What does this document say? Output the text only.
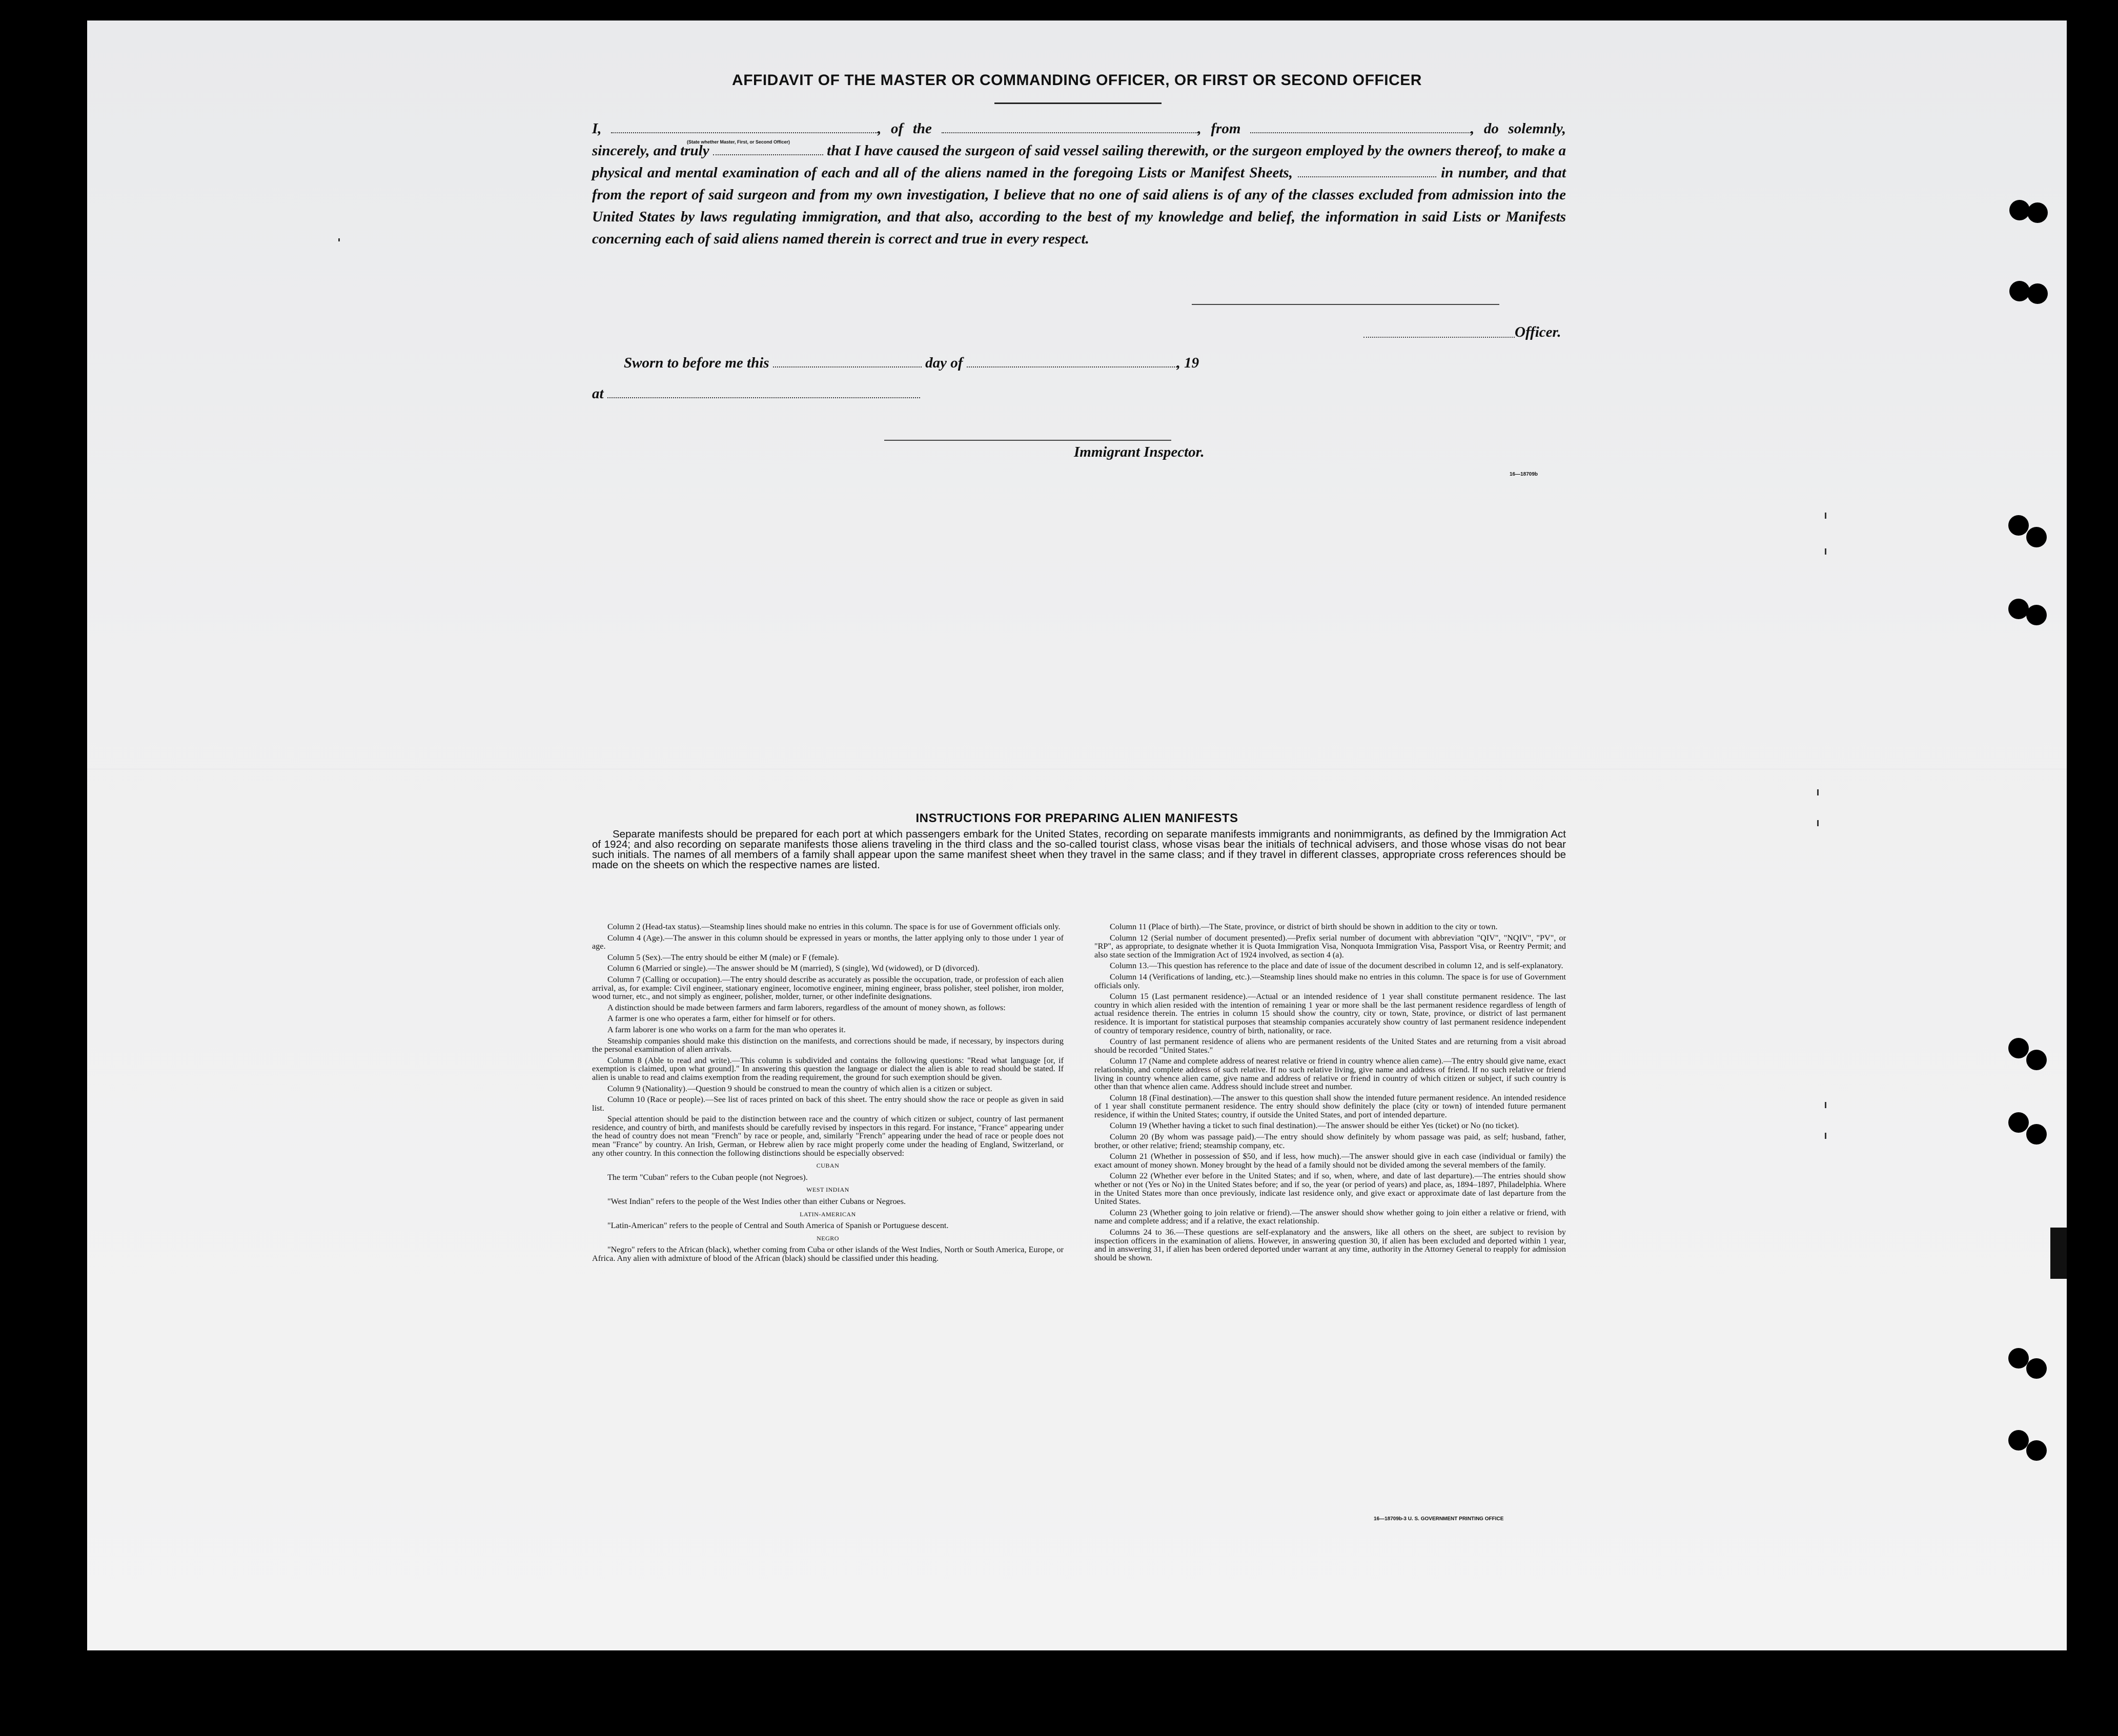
AFFIDAVIT OF THE MASTER OR COMMANDING OFFICER, OR FIRST OR SECOND OFFICER
(State whether Master, First, or Second Officer)
I,	, of the	, from	, do solemnly, sincerely, and truly	that I have caused the surgeon of said vessel sailing therewith, or the surgeon employed by the owners thereof, to make a physical and mental examination of each and all of the aliens named in the foregoing Lists or Manifest Sheets,	in number, and that from the report of said surgeon and from my own investigation, I believe that no one of said aliens is of any of the classes excluded from admission into the United States by laws regulating immigration, and that also, according to the best of my knowledge and belief, the information in said Lists or Manifests concerning each of said aliens named therein is correct and true in every respect.
Officer.
Sworn to before me this	day of	, 19
at
Immigrant Inspector.
16—18709b
INSTRUCTIONS FOR PREPARING ALIEN MANIFESTS
Separate manifests should be prepared for each port at which passengers embark for the United States, recording on separate manifests immigrants and nonimmigrants, as defined by the Immigration Act of 1924; and also recording on separate manifests those aliens traveling in the third class and the so-called tourist class, whose visas bear the initials of technical advisers, and those whose visas do not bear such initials. The names of all members of a family shall appear upon the same manifest sheet when they travel in the same class; and if they travel in different classes, appropriate cross references should be made on the sheets on which the respective names are listed.

Column 2 (Head-tax status).—Steamship lines should make no entries in this column. The space is for use of Government officials only.

Column 4 (Age).—The answer in this column should be expressed in years or months, the latter applying only to those under 1 year of age.

Column 5 (Sex).—The entry should be either M (male) or F (female).

Column 6 (Married or single).—The answer should be M (married), S (single), Wd (widowed), or D (divorced).

Column 7 (Calling or occupation).—The entry should describe as accurately as possible the occupation, trade, or profession of each alien arrival, as, for example: Civil engineer, stationary engineer, locomotive engineer, mining engineer, brass polisher, steel polisher, iron molder, wood turner, etc., and not simply as engineer, polisher, molder, turner, or other indefinite designations.

A distinction should be made between farmers and farm laborers, regardless of the amount of money shown, as follows:

A farmer is one who operates a farm, either for himself or for others.

A farm laborer is one who works on a farm for the man who operates it.

Steamship companies should make this distinction on the manifests, and corrections should be made, if necessary, by inspectors during the personal examination of alien arrivals.

Column 8 (Able to read and write).—This column is subdivided and contains the following questions: "Read what language [or, if exemption is claimed, upon what ground]." In answering this question the language or dialect the alien is able to read should be stated. If alien is unable to read and claims exemption from the reading requirement, the ground for such exemption should be given.

Column 9 (Nationality).—Question 9 should be construed to mean the country of which alien is a citizen or subject.

Column 10 (Race or people).—See list of races printed on back of this sheet. The entry should show the race or people as given in said list.

Special attention should be paid to the distinction between race and the country of which citizen or subject, country of last permanent residence, and country of birth, and manifests should be carefully revised by inspectors in this regard. For instance, "France" appearing under the head of country does not mean "French" by race or people, and, similarly "French" appearing under the head of race or people does not mean "France" by country. An Irish, German, or Hebrew alien by race might properly come under the heading of England, Switzerland, or any other country. In this connection the following distinctions should be especially observed:

CUBAN

The term "Cuban" refers to the Cuban people (not Negroes).

WEST INDIAN

"West Indian" refers to the people of the West Indies other than either Cubans or Negroes.

LATIN-AMERICAN

"Latin-American" refers to the people of Central and South America of Spanish or Portuguese descent.

NEGRO

"Negro" refers to the African (black), whether coming from Cuba or other islands of the West Indies, North or South America, Europe, or Africa. Any alien with admixture of blood of the African (black) should be classified under this heading.

Column 11 (Place of birth).—The State, province, or district of birth should be shown in addition to the city or town.

Column 12 (Serial number of document presented).—Prefix serial number of document with abbreviation "QIV", "NQIV", "PV", or "RP", as appropriate, to designate whether it is Quota Immigration Visa, Nonquota Immigration Visa, Passport Visa, or Reentry Permit; and also state section of the Immigration Act of 1924 involved, as section 4 (a).

Column 13.—This question has reference to the place and date of issue of the document described in column 12, and is self-explanatory.

Column 14 (Verifications of landing, etc.).—Steamship lines should make no entries in this column. The space is for use of Government officials only.

Column 15 (Last permanent residence).—Actual or an intended residence of 1 year shall constitute permanent residence. The last country in which alien resided with the intention of remaining 1 year or more shall be the last permanent residence regardless of length of actual residence therein. The entries in column 15 should show the country, city or town, State, province, or district of last permanent residence. It is important for statistical purposes that steamship companies accurately show country of last permanent residence independent of country of temporary residence, country of birth, nationality, or race.

Country of last permanent residence of aliens who are permanent residents of the United States and are returning from a visit abroad should be recorded "United States."

Column 17 (Name and complete address of nearest relative or friend in country whence alien came).—The entry should give name, exact relationship, and complete address of such relative. If no such relative living, give name and address of friend. If no such relative or friend living in country whence alien came, give name and address of relative or friend in country of which citizen or subject, if such country is other than that whence alien came. Address should include street and number.

Column 18 (Final destination).—The answer to this question shall show the intended future permanent residence. An intended residence of 1 year shall constitute permanent residence. The entry should show definitely the place (city or town) of intended future permanent residence, if within the United States; country, if outside the United States, and port of intended departure.

Column 19 (Whether having a ticket to such final destination).—The answer should be either Yes (ticket) or No (no ticket).

Column 20 (By whom was passage paid).—The entry should show definitely by whom passage was paid, as self; husband, father, brother, or other relative; friend; steamship company, etc.

Column 21 (Whether in possession of $50, and if less, how much).—The answer should give in each case (individual or family) the exact amount of money shown. Money brought by the head of a family should not be divided among the several members of the family.

Column 22 (Whether ever before in the United States; and if so, when, where, and date of last departure).—The entries should show whether or not (Yes or No) in the United States before; and if so, the year (or period of years) and place, as, 1894–1897, Philadelphia. Where in the United States more than once previously, indicate last residence only, and give exact or approximate date of last departure from the United States.

Column 23 (Whether going to join relative or friend).—The answer should show whether going to join either a relative or friend, with name and complete address; and if a relative, the exact relationship.

Columns 24 to 36.—These questions are self-explanatory and the answers, like all others on the sheet, are subject to revision by inspection officers in the examination of aliens. However, in answering question 30, if alien has been excluded and deported within 1 year, and in answering 31, if alien has been ordered deported under warrant at any time, authority in the Attorney General to reapply for admission should be shown.

16—18709b-3 U. S. GOVERNMENT PRINTING OFFICE
